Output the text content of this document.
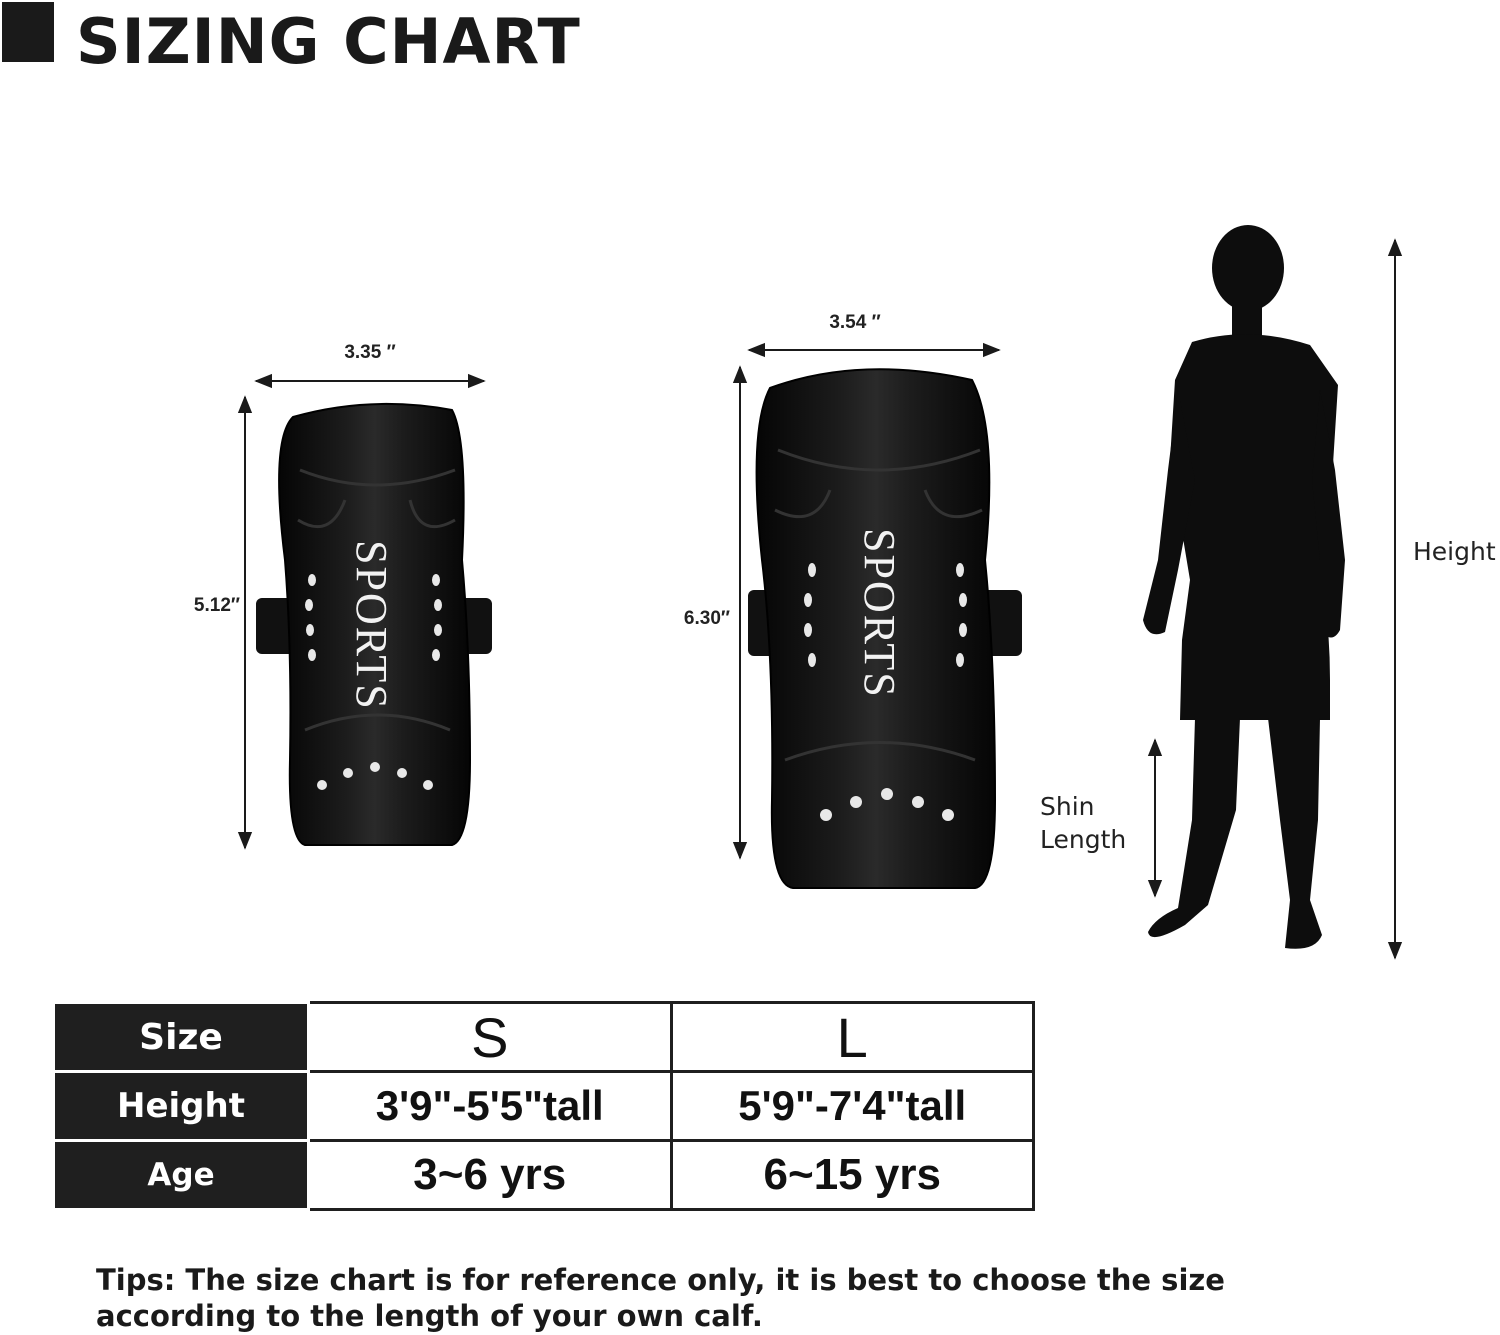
SIZING CHART
SPORTS
3.35 ″
5.12″	SPORTS
3.54 ″
6.30″
Height
Shin
Length
Size	S	L
Height	3'9"-5'5"tall	5'9"-7'4"tall
Age	3~6 yrs	6~15 yrs
Tips: The size chart is for reference only, it is best to choose the size according to the length of your own calf.
